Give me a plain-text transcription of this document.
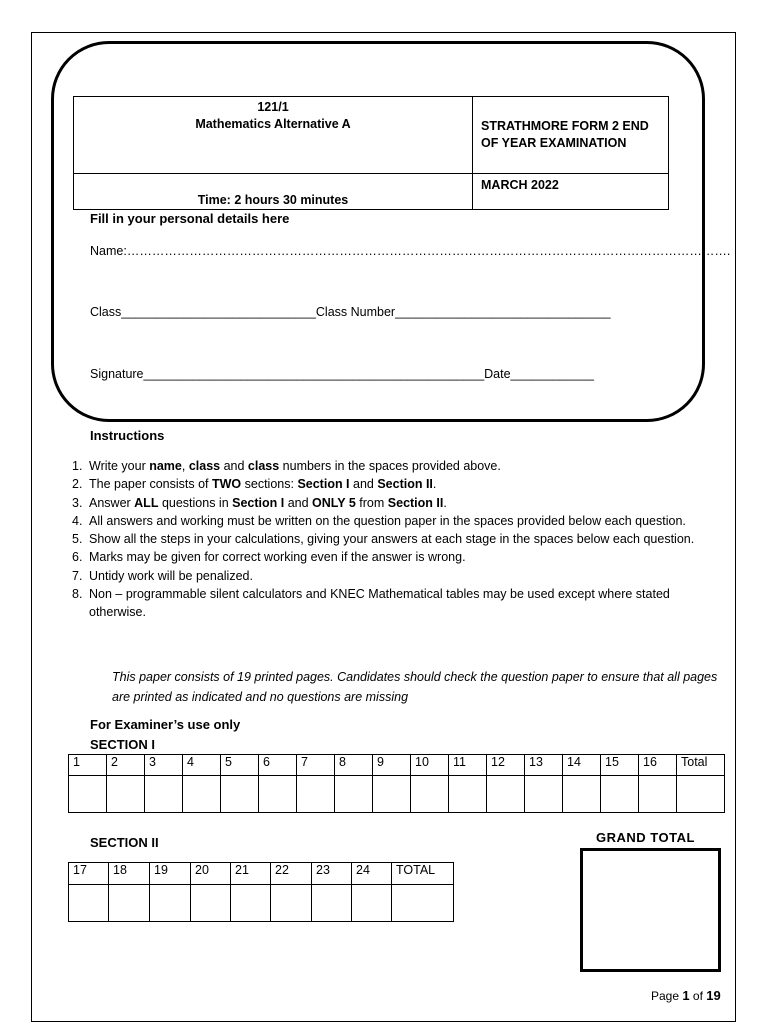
121/1
Mathematics Alternative A	STRATHMORE FORM 2 END OF YEAR EXAMINATION

Time: 2 hours 30 minutes	MARCH 2022
Fill in your personal details here
Name:……………………………………………………………………………………………………………………………….
Class____________________________Class Number_______________________________
Signature_________________________________________________Date____________
Instructions
1. Write your name, class and class numbers in the spaces provided above.
2. The paper consists of TWO sections: Section I and Section II.
3. Answer ALL questions in Section I and ONLY 5 from Section II.
4. All answers and working must be written on the question paper in the spaces provided below each question.
5. Show all the steps in your calculations, giving your answers at each stage in the spaces below each question.
6. Marks may be given for correct working even if the answer is wrong.
7. Untidy work will be penalized.
8. Non – programmable silent calculators and KNEC Mathematical tables may be used except where stated otherwise.
This paper consists of 19 printed pages. Candidates should check the question paper to ensure that all pages are printed as indicated and no questions are missing
For Examiner’s use only
SECTION I
1	2	3	4	5	6	7	8	9	10	11	12	13	14	15	16	Total

SECTION II
17	18	19	20	21	22	23	24	TOTAL

GRAND TOTAL
Page 1 of 19
